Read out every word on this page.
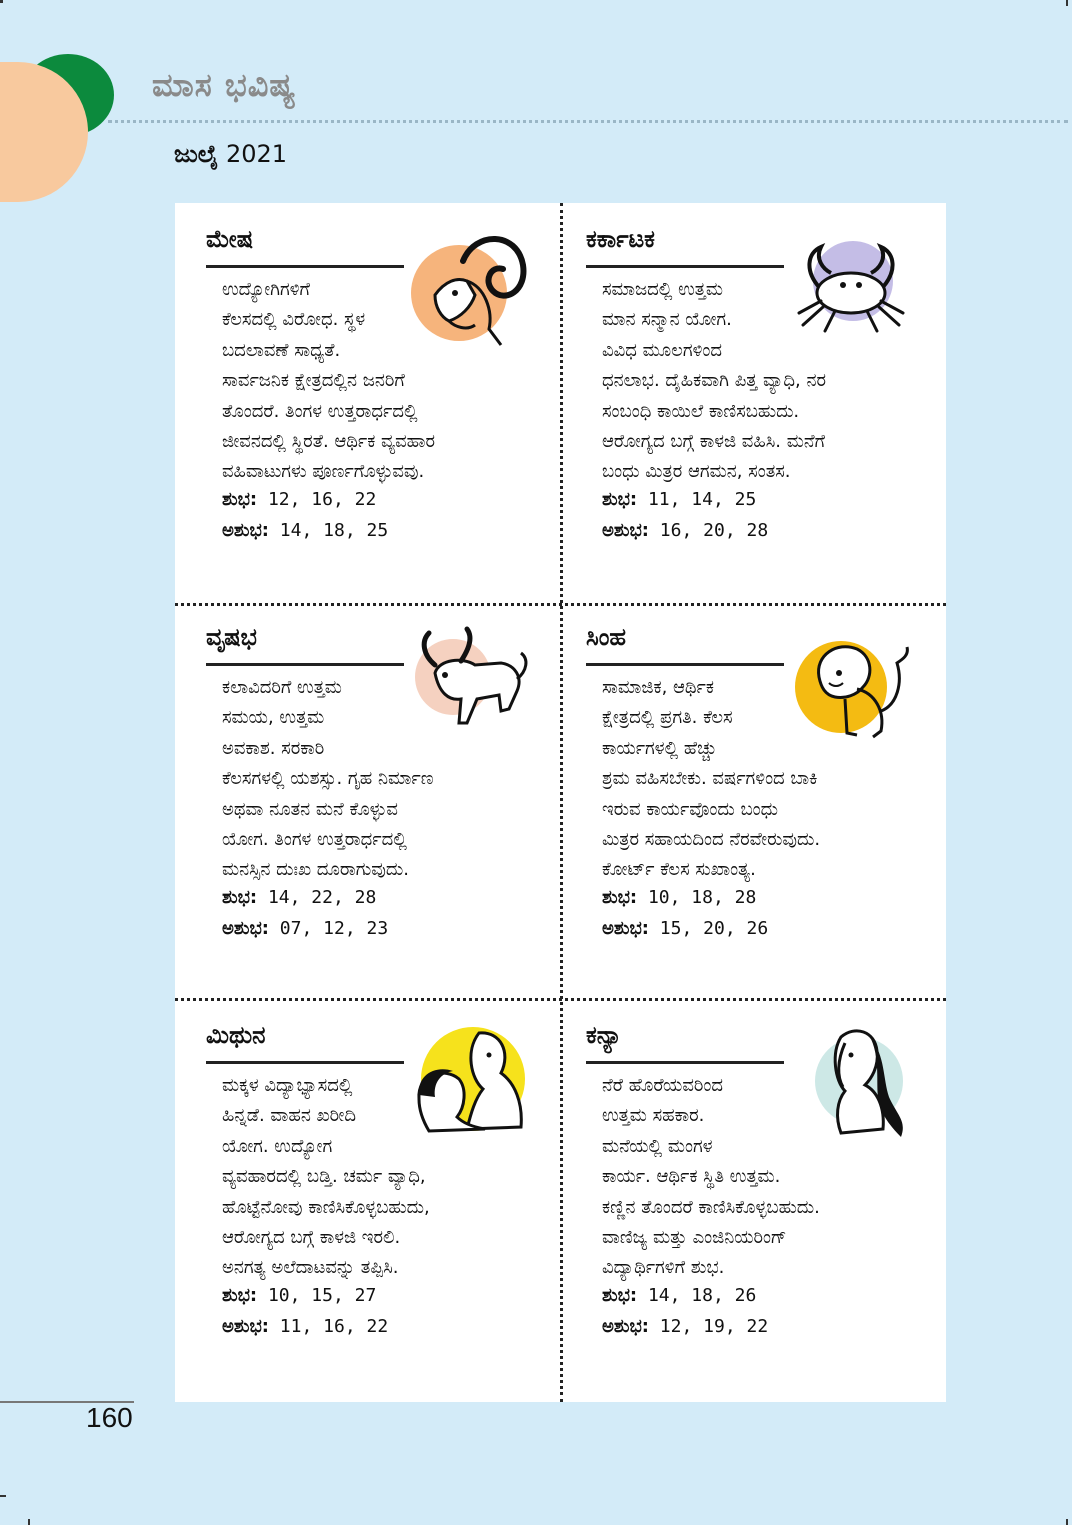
ಮಾಸ ಭವಿಷ್ಯ
ಜುಲೈ 2021
ಮೇಷ
ಉದ್ಯೋಗಿಗಳಿಗೆ
ಕೆಲಸದಲ್ಲಿ ವಿರೋಧ. ಸ್ಥಳ
ಬದಲಾವಣೆ ಸಾಧ್ಯತೆ.
ಸಾರ್ವಜನಿಕ ಕ್ಷೇತ್ರದಲ್ಲಿನ ಜನರಿಗೆ
ತೊಂದರೆ. ತಿಂಗಳ ಉತ್ತರಾರ್ಧದಲ್ಲಿ
ಜೀವನದಲ್ಲಿ ಸ್ಥಿರತೆ. ಆರ್ಥಿಕ ವ್ಯವಹಾರ
ವಹಿವಾಟುಗಳು ಪೂರ್ಣಗೊಳ್ಳುವವು.
ಶುಭ: 12, 16, 22
ಅಶುಭ: 14, 18, 25
ಕರ್ಕಾಟಕ
ಸಮಾಜದಲ್ಲಿ ಉತ್ತಮ
ಮಾನ ಸನ್ಮಾನ ಯೋಗ.
ವಿವಿಧ ಮೂಲಗಳಿಂದ
ಧನಲಾಭ. ದೈಹಿಕವಾಗಿ ಪಿತ್ತ ವ್ಯಾಧಿ, ನರ
ಸಂಬಂಧಿ ಕಾಯಿಲೆ ಕಾಣಿಸಬಹುದು.
ಆರೋಗ್ಯದ ಬಗ್ಗೆ ಕಾಳಜಿ ವಹಿಸಿ. ಮನೆಗೆ
ಬಂಧು ಮಿತ್ರರ ಆಗಮನ, ಸಂತಸ.
ಶುಭ: 11, 14, 25
ಅಶುಭ: 16, 20, 28
ವೃಷಭ
ಕಲಾವಿದರಿಗೆ ಉತ್ತಮ
ಸಮಯ, ಉತ್ತಮ
ಅವಕಾಶ. ಸರಕಾರಿ
ಕೆಲಸಗಳಲ್ಲಿ ಯಶಸ್ಸು. ಗೃಹ ನಿರ್ಮಾಣ
ಅಥವಾ ನೂತನ ಮನೆ ಕೊಳ್ಳುವ
ಯೋಗ. ತಿಂಗಳ ಉತ್ತರಾರ್ಧದಲ್ಲಿ
ಮನಸ್ಸಿನ ದುಃಖ ದೂರಾಗುವುದು.
ಶುಭ: 14, 22, 28
ಅಶುಭ: 07, 12, 23
ಸಿಂಹ
ಸಾಮಾಜಿಕ, ಆರ್ಥಿಕ
ಕ್ಷೇತ್ರದಲ್ಲಿ ಪ್ರಗತಿ. ಕೆಲಸ
ಕಾರ್ಯಗಳಲ್ಲಿ ಹೆಚ್ಚು
ಶ್ರಮ ವಹಿಸಬೇಕು. ವರ್ಷಗಳಿಂದ ಬಾಕಿ
ಇರುವ ಕಾರ್ಯವೊಂದು ಬಂಧು
ಮಿತ್ರರ ಸಹಾಯದಿಂದ ನೆರವೇರುವುದು.
ಕೋರ್ಟ್ ಕೆಲಸ ಸುಖಾಂತ್ಯ.
ಶುಭ: 10, 18, 28
ಅಶುಭ: 15, 20, 26
ಮಿಥುನ
ಮಕ್ಕಳ ವಿದ್ಯಾಭ್ಯಾಸದಲ್ಲಿ
ಹಿನ್ನಡೆ. ವಾಹನ ಖರೀದಿ
ಯೋಗ. ಉದ್ಯೋಗ
ವ್ಯವಹಾರದಲ್ಲಿ ಬಡ್ತಿ. ಚರ್ಮ ವ್ಯಾಧಿ,
ಹೊಟ್ಟೆನೋವು ಕಾಣಿಸಿಕೊಳ್ಳಬಹುದು,
ಆರೋಗ್ಯದ ಬಗ್ಗೆ ಕಾಳಜಿ ಇರಲಿ.
ಅನಗತ್ಯ ಅಲೆದಾಟವನ್ನು ತಪ್ಪಿಸಿ.
ಶುಭ: 10, 15, 27
ಅಶುಭ: 11, 16, 22
ಕನ್ಯಾ
ನೆರೆ ಹೊರೆಯವರಿಂದ
ಉತ್ತಮ ಸಹಕಾರ.
ಮನೆಯಲ್ಲಿ ಮಂಗಳ
ಕಾರ್ಯ. ಆರ್ಥಿಕ ಸ್ಥಿತಿ ಉತ್ತಮ.
ಕಣ್ಣಿನ ತೊಂದರೆ ಕಾಣಿಸಿಕೊಳ್ಳಬಹುದು.
ವಾಣಿಜ್ಯ ಮತ್ತು ಎಂಜಿನಿಯರಿಂಗ್
ವಿದ್ಯಾರ್ಥಿಗಳಿಗೆ ಶುಭ.
ಶುಭ: 14, 18, 26
ಅಶುಭ: 12, 19, 22
160
